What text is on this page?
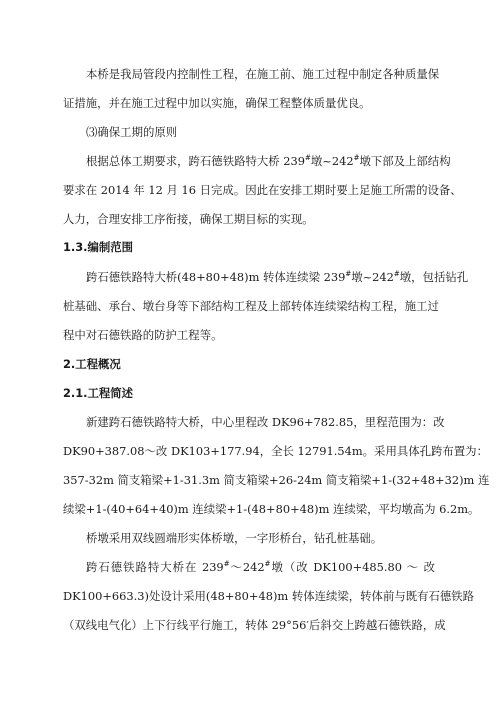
本桥是我局管段内控制性工程，在施工前、施工过程中制定各种质量保
证措施，并在施工过程中加以实施，确保工程整体质量优良。
⑶确保工期的原则
根据总体工期要求，跨石德铁路特大桥 239#墩~242#墩下部及上部结构
要求在 2014 年 12 月 16 日完成。因此在安排工期时要上足施工所需的设备、
人力，合理安排工序衔接，确保工期目标的实现。
1.3.编制范围
跨石德铁路特大桥(48+80+48)m 转体连续梁 239#墩~242#墩，包括钻孔
桩基础、承台、墩台身等下部结构工程及上部转体连续梁结构工程，施工过
程中对石德铁路的防护工程等。
2.工程概况
2.1.工程简述
新建跨石德铁路特大桥，中心里程改 DK96+782.85，里程范围为：改
DK90+387.08～改 DK103+177.94，全长 12791.54m。采用具体孔跨布置为：
357-32m 简支箱梁+1-31.3m 简支箱梁+26-24m 简支箱梁+1-(32+48+32)m 连
续梁+1-(40+64+40)m 连续梁+1-(48+80+48)m 连续梁，平均墩高为 6.2m。
桥墩采用双线圆端形实体桥墩，一字形桥台，钻孔桩基础。
跨石德铁路特大桥在 239#～242#墩（改 DK100+485.80 ～ 改
DK100+663.3)处设计采用(48+80+48)m 转体连续梁，转体前与既有石德铁路
（双线电气化）上下行线平行施工，转体 29°56′后斜交上跨越石德铁路，成
